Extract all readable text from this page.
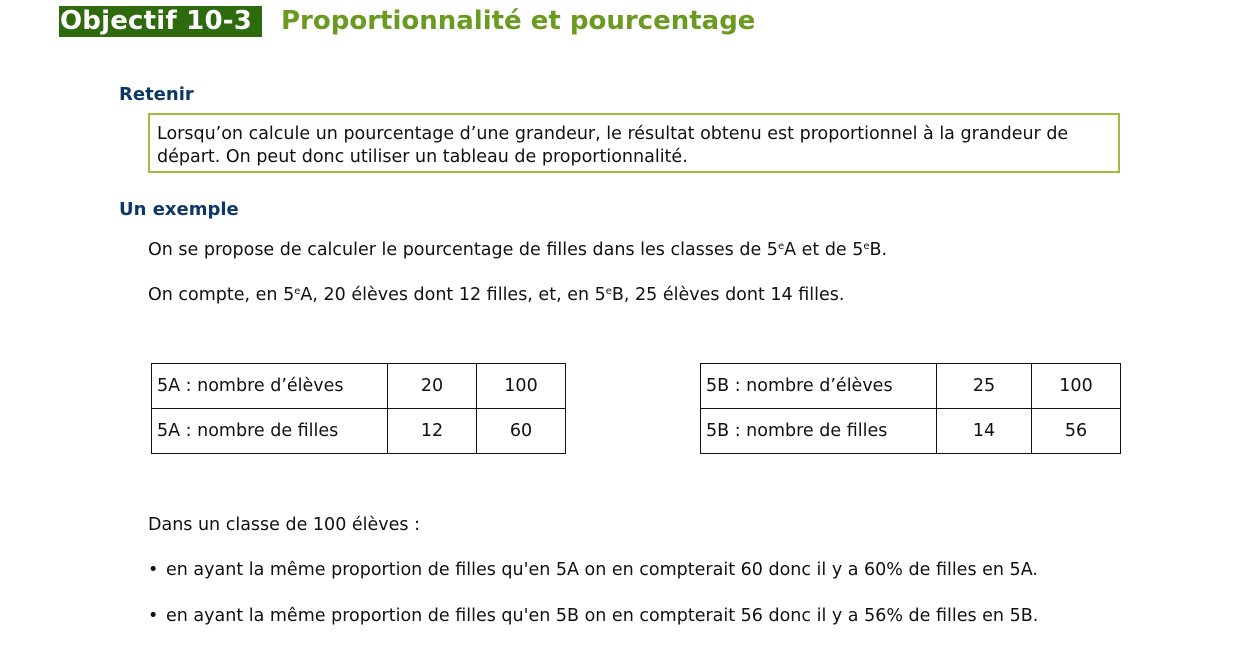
Objectif 10-3	Proportionnalité et pourcentage
Retenir
Lorsqu’on calcule un pourcentage d’une grandeur, le résultat obtenu est proportionnel à la grandeur de départ. On peut donc utiliser un tableau de proportionnalité.
Un exemple
On se propose de calculer le pourcentage de filles dans les classes de 5eA et de 5eB.
On compte, en 5eA, 20 élèves dont 12 filles, et, en 5eB, 25 élèves dont 14 filles.
5A : nombre d’élèves	20	100
5A : nombre de filles	12	60
5B : nombre d’élèves	25	100
5B : nombre de filles	14	56
Dans un classe de 100 élèves :
• en ayant la même proportion de filles qu'en 5A on en compterait 60 donc il y a 60% de filles en 5A.
• en ayant la même proportion de filles qu'en 5B on en compterait 56 donc il y a 56% de filles en 5B.
